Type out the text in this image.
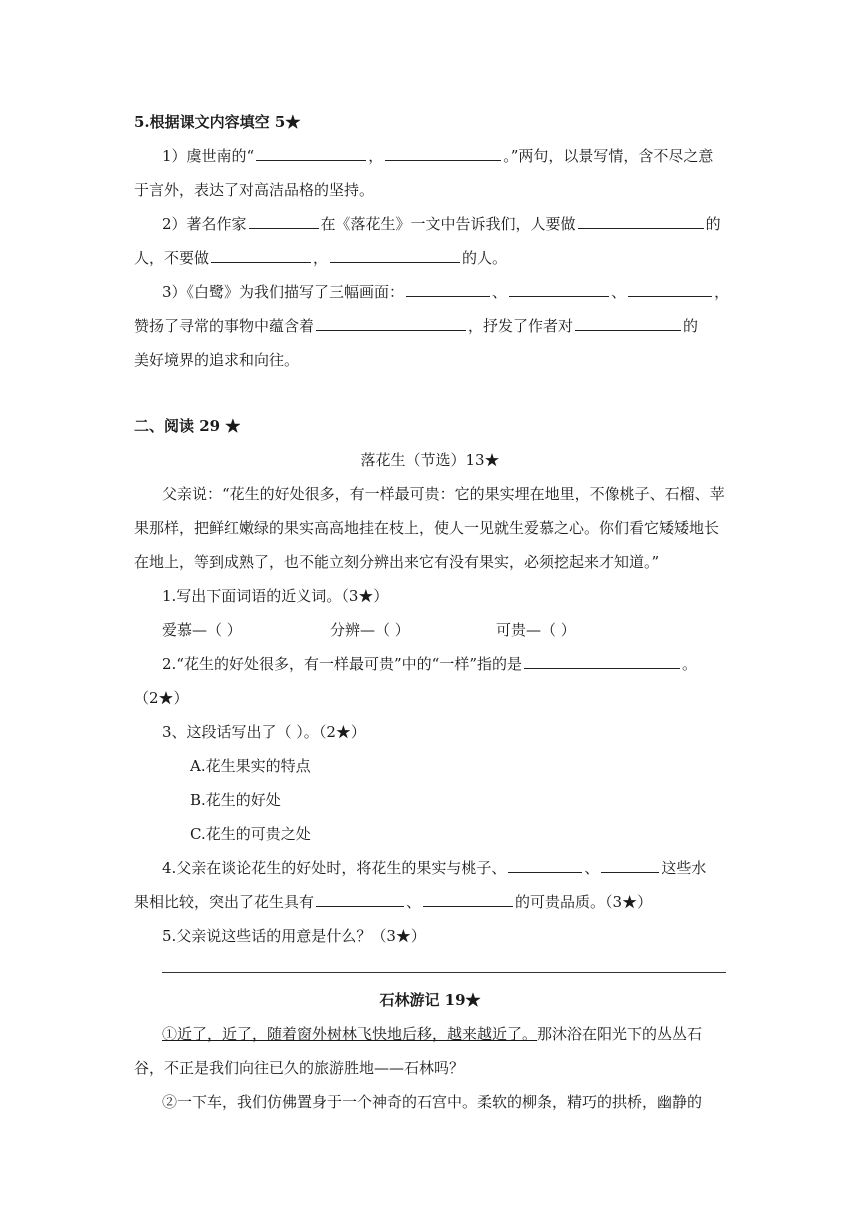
5.根据课文内容填空 5★
1）虞世南的“	，	。”两句，以景写情，含不尽之意
于言外，表达了对高洁品格的坚持。
2）著名作家	在《落花生》一文中告诉我们，人要做	的
人，不要做	，	的人。
3）《白鹭》为我们描写了三幅画面：	、	、	，
赞扬了寻常的事物中蕴含着	，抒发了作者对	的
美好境界的追求和向往。
二、阅读 29 ★
落花生（节选）13★
父亲说：“花生的好处很多，有一样最可贵：它的果实埋在地里，不像桃子、石榴、苹
果那样，把鲜红嫩绿的果实高高地挂在枝上，使人一见就生爱慕之心。你们看它矮矮地长
在地上，等到成熟了，也不能立刻分辨出来它有没有果实，必须挖起来才知道。”
1.写出下面词语的近义词。（3★）
爱慕—（ ）	分辨—（ ）	可贵—（ ）
2.“花生的好处很多，有一样最可贵”中的“一样”指的是	。
（2★）
3、这段话写出了（ ）。（2★）
A.花生果实的特点
B.花生的好处
C.花生的可贵之处
4.父亲在谈论花生的好处时，将花生的果实与桃子、	、	这些水
果相比较，突出了花生具有	、	的可贵品质。（3★）
5.父亲说这些话的用意是什么？（3★）
石林游记 19★
①近了，近了，随着窗外树林飞快地后移，越来越近了。那沐浴在阳光下的丛丛石
谷，不正是我们向往已久的旅游胜地——石林吗？
②一下车，我们仿佛置身于一个神奇的石宫中。柔软的柳条，精巧的拱桥，幽静的
